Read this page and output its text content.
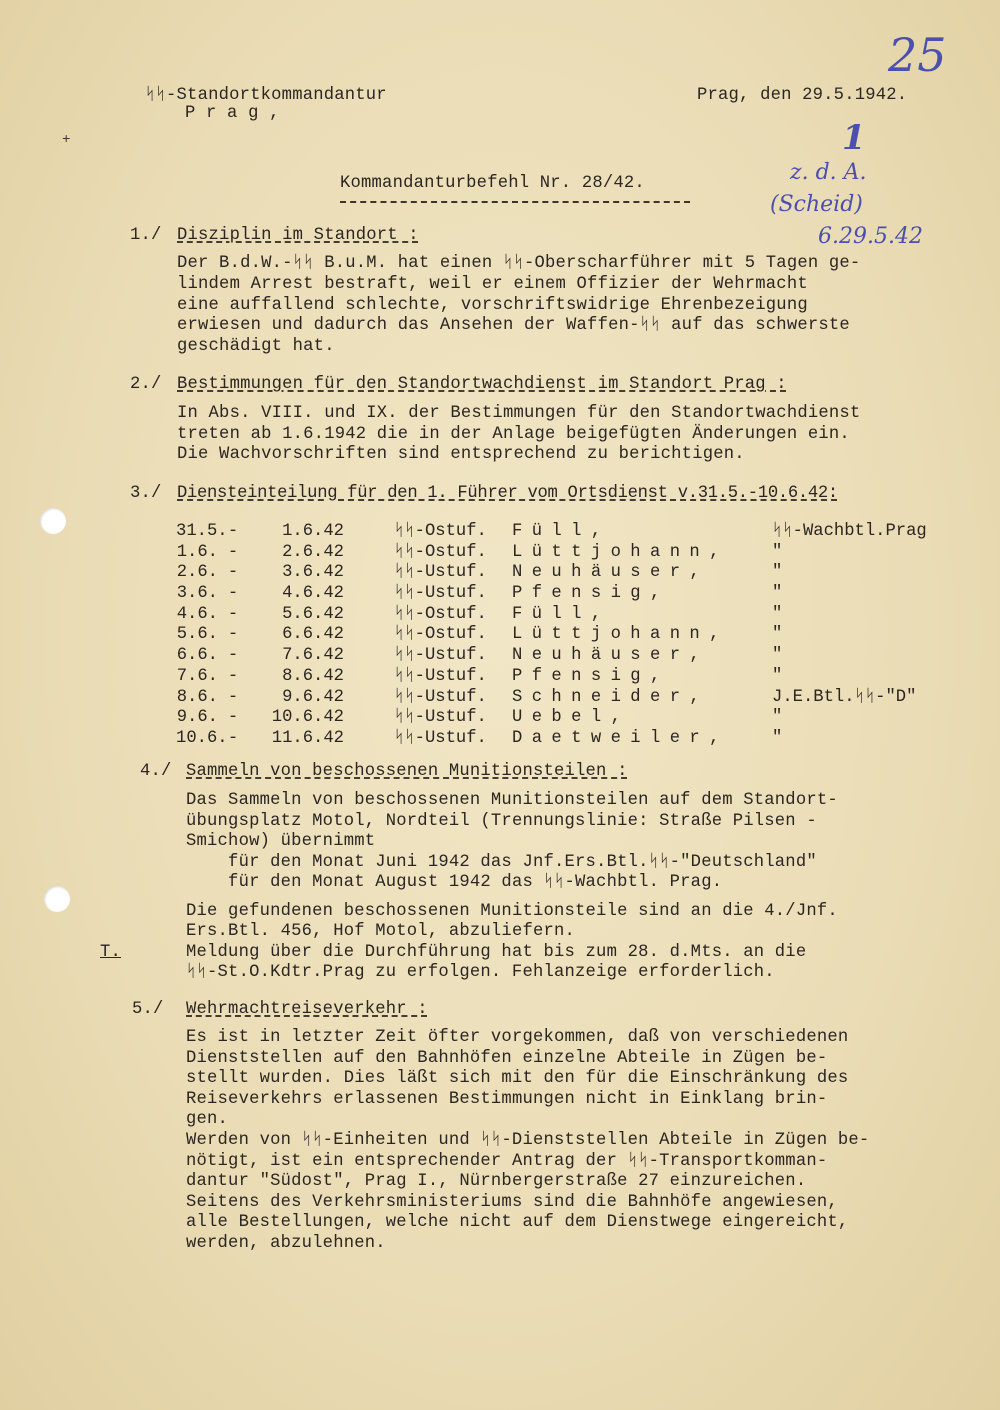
25
1
z. d. A.
(Scheid)
6.29.5.42
ᛋᛋ-Standortkommandantur
P r a g ,
Prag, den 29.5.1942.
+
Kommandanturbefehl Nr. 28/42.
1./ Disziplin im Standort :
Der B.d.W.-ᛋᛋ B.u.M. hat einen ᛋᛋ-Oberscharführer mit 5 Tagen ge-
lindem Arrest bestraft, weil er einem Offizier der Wehrmacht
eine auffallend schlechte, vorschriftswidrige Ehrenbezeigung
erwiesen und dadurch das Ansehen der Waffen-ᛋᛋ auf das schwerste
geschädigt hat.
2./ Bestimmungen für den Standortwachdienst im Standort Prag :
In Abs. VIII. und IX. der Bestimmungen für den Standortwachdienst
treten ab 1.6.1942 die in der Anlage beigefügten Änderungen ein.
Die Wachvorschriften sind entsprechend zu berichtigen.
3./ Diensteinteilung für den 1. Führer vom Ortsdienst v.31.5.-10.6.42:
31.5. -	1.6.42	ᛋᛋ-Ostuf.	Füll,	ᛋᛋ-Wachbtl.Prag
1.6. -	2.6.42	ᛋᛋ-Ostuf.	Lüttjohann,	"
2.6. -	3.6.42	ᛋᛋ-Ustuf.	Neuhäuser,	"
3.6. -	4.6.42	ᛋᛋ-Ustuf.	Pfensig,	"
4.6. -	5.6.42	ᛋᛋ-Ostuf.	Füll,	"
5.6. -	6.6.42	ᛋᛋ-Ostuf.	Lüttjohann,	"
6.6. -	7.6.42	ᛋᛋ-Ustuf.	Neuhäuser,	"
7.6. -	8.6.42	ᛋᛋ-Ustuf.	Pfensig,	"
8.6. -	9.6.42	ᛋᛋ-Ustuf.	Schneider,	J.E.Btl.ᛋᛋ-"D"
9.6. -	10.6.42	ᛋᛋ-Ustuf.	Uebel,	"
10.6. -	11.6.42	ᛋᛋ-Ustuf.	Daetweiler,	"
4./ Sammeln von beschossenen Munitionsteilen :
Das Sammeln von beschossenen Munitionsteilen auf dem Standort-
übungsplatz Motol, Nordteil (Trennungslinie: Straße Pilsen -
Smichow) übernimmt
für den Monat Juni 1942 das Jnf.Ers.Btl.ᛋᛋ-"Deutschland"
für den Monat August 1942 das ᛋᛋ-Wachbtl. Prag.
Die gefundenen beschossenen Munitionsteile sind an die 4./Jnf.
Ers.Btl. 456, Hof Motol, abzuliefern.
T.	Meldung über die Durchführung hat bis zum 28. d.Mts. an die
ᛋᛋ-St.O.Kdtr.Prag zu erfolgen. Fehlanzeige erforderlich.
5./ Wehrmachtreiseverkehr :
Es ist in letzter Zeit öfter vorgekommen, daß von verschiedenen
Dienststellen auf den Bahnhöfen einzelne Abteile in Zügen be-
stellt wurden. Dies läßt sich mit den für die Einschränkung des
Reiseverkehrs erlassenen Bestimmungen nicht in Einklang brin-
gen.
Werden von ᛋᛋ-Einheiten und ᛋᛋ-Dienststellen Abteile in Zügen be-
nötigt, ist ein entsprechender Antrag der ᛋᛋ-Transportkomman-
dantur "Südost", Prag I., Nürnbergerstraße 27 einzureichen.
Seitens des Verkehrsministeriums sind die Bahnhöfe angewiesen,
alle Bestellungen, welche nicht auf dem Dienstwege eingereicht,
werden, abzulehnen.
